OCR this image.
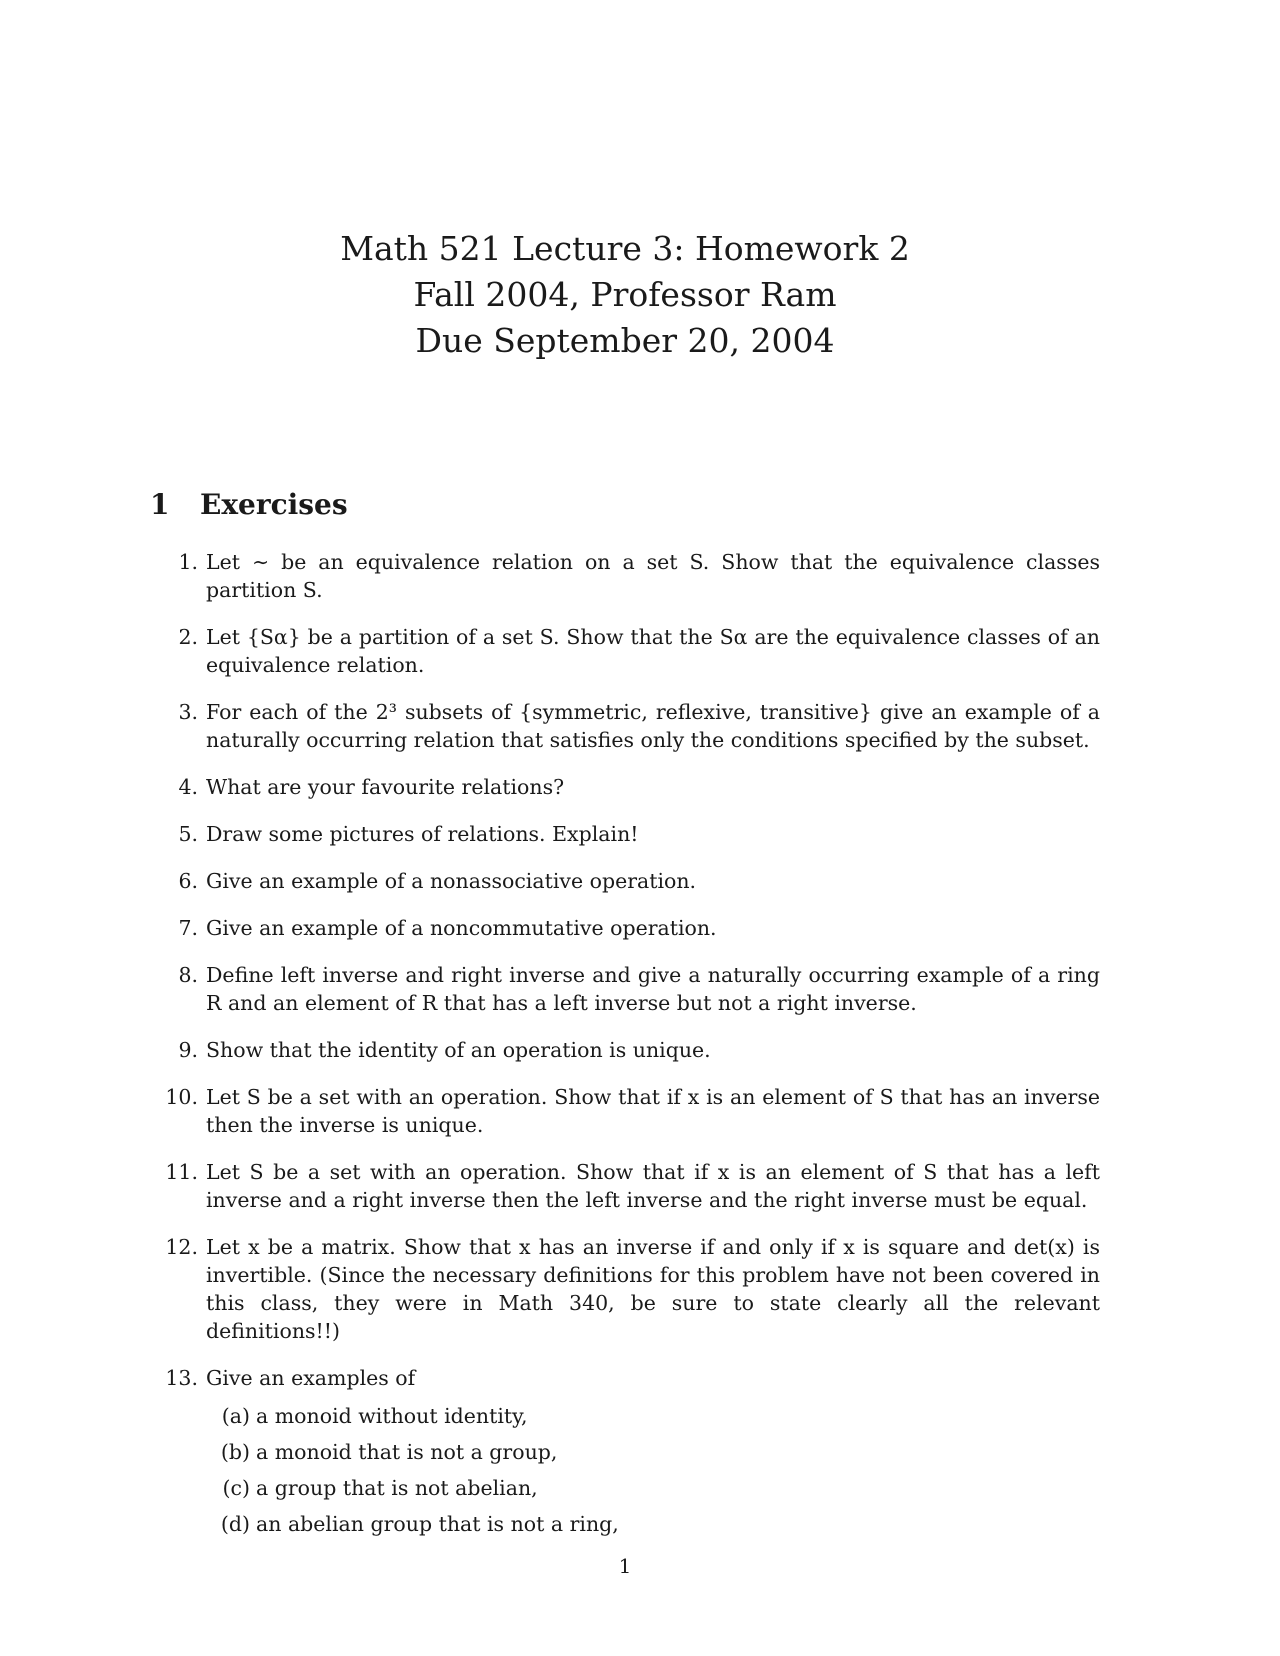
Math 521 Lecture 3: Homework 2
Fall 2004, Professor Ram
Due September 20, 2004
1 Exercises
1. Let ∼ be an equivalence relation on a set S. Show that the equivalence classes partition S.
2. Let {Sα} be a partition of a set S. Show that the Sα are the equivalence classes of an equivalence relation.
3. For each of the 2³ subsets of {symmetric, reflexive, transitive} give an example of a naturally occurring relation that satisfies only the conditions specified by the subset.
4. What are your favourite relations?
5. Draw some pictures of relations. Explain!
6. Give an example of a nonassociative operation.
7. Give an example of a noncommutative operation.
8. Define left inverse and right inverse and give a naturally occurring example of a ring R and an element of R that has a left inverse but not a right inverse.
9. Show that the identity of an operation is unique.
10. Let S be a set with an operation. Show that if x is an element of S that has an inverse then the inverse is unique.
11. Let S be a set with an operation. Show that if x is an element of S that has a left inverse and a right inverse then the left inverse and the right inverse must be equal.
12. Let x be a matrix. Show that x has an inverse if and only if x is square and det(x) is invertible. (Since the necessary definitions for this problem have not been covered in this class, they were in Math 340, be sure to state clearly all the relevant definitions!!)
13. Give an examples of
(a) a monoid without identity,
(b) a monoid that is not a group,
(c) a group that is not abelian,
(d) an abelian group that is not a ring,
1
